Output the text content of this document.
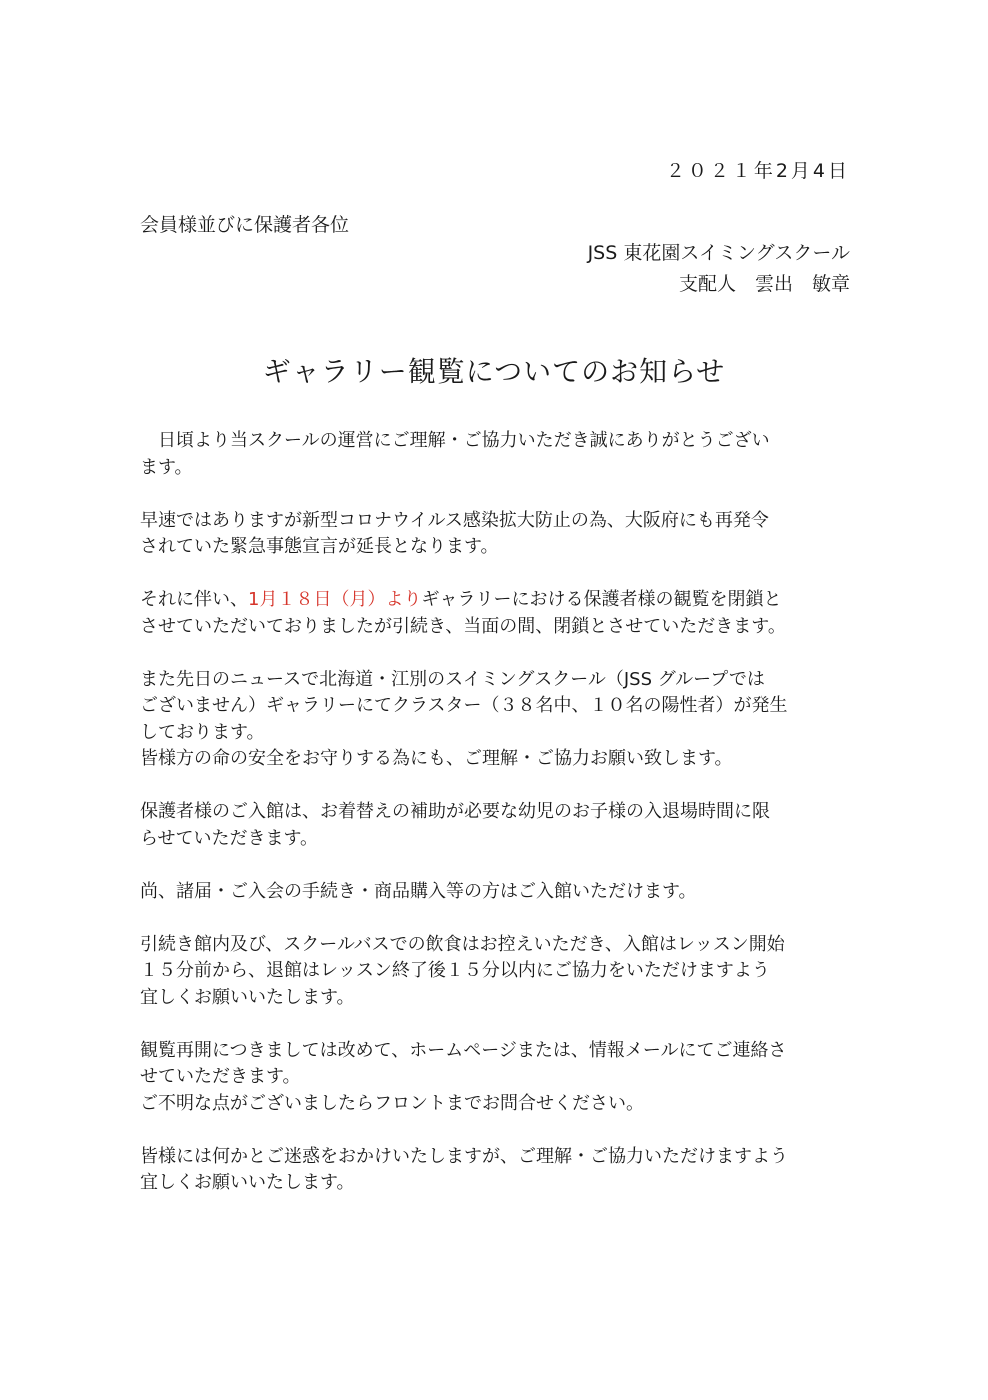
２０２１年2月4日
会員様並びに保護者各位
JSS 東花園スイミングスクール
支配人　雲出　敏章
ギャラリー観覧についてのお知らせ

日頃より当スクールの運営にご理解・ご協力いただき誠にありがとうござい
ます。

早速ではありますが新型コロナウイルス感染拡大防止の為、大阪府にも再発令
されていた緊急事態宣言が延長となります。

それに伴い、1月１８日（月）よりギャラリーにおける保護者様の観覧を閉鎖と
させていただいておりましたが引続き、当面の間、閉鎖とさせていただきます。

また先日のニュースで北海道・江別のスイミングスクール（JSS グループでは
ございません）ギャラリーにてクラスター（３８名中、１０名の陽性者）が発生
しております。
皆様方の命の安全をお守りする為にも、ご理解・ご協力お願い致します。

保護者様のご入館は、お着替えの補助が必要な幼児のお子様の入退場時間に限
らせていただきます。

尚、諸届・ご入会の手続き・商品購入等の方はご入館いただけます。

引続き館内及び、スクールバスでの飲食はお控えいただき、入館はレッスン開始
１５分前から、退館はレッスン終了後１５分以内にご協力をいただけますよう
宜しくお願いいたします。

観覧再開につきましては改めて、ホームページまたは、情報メールにてご連絡さ
せていただきます。
ご不明な点がございましたらフロントまでお問合せください。

皆様には何かとご迷惑をおかけいたしますが、ご理解・ご協力いただけますよう
宜しくお願いいたします。
